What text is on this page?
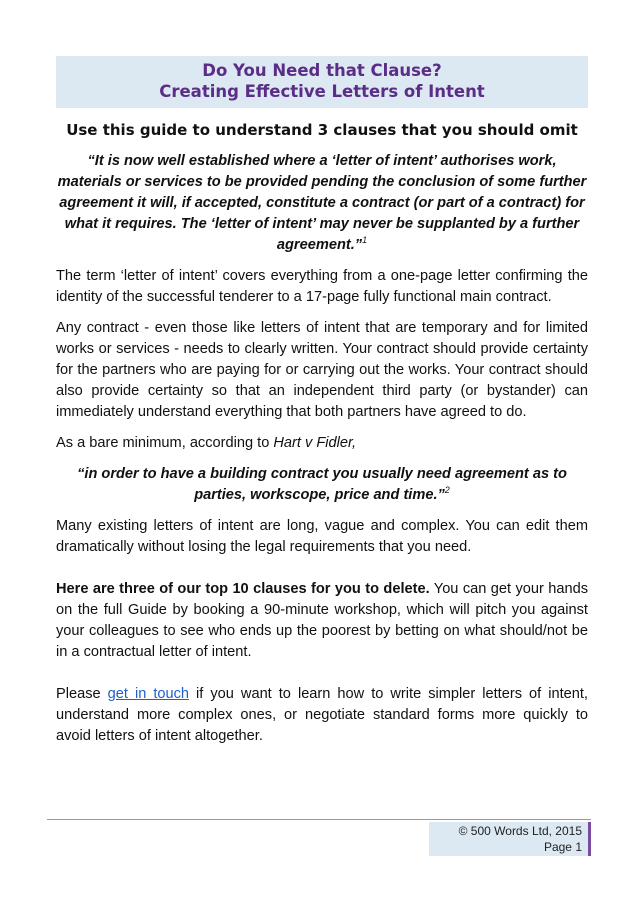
Do You Need that Clause?
Creating Effective Letters of Intent
Use this guide to understand 3 clauses that you should omit
“It is now well established where a ‘letter of intent’ authorises work, materials or services to be provided pending the conclusion of some further agreement it will, if accepted, constitute a contract (or part of a contract) for what it requires. The ‘letter of intent’ may never be supplanted by a further agreement.”$^1$

The term ‘letter of intent’ covers everything from a one-page letter confirming the identity of the successful tenderer to a 17-page fully functional main contract.

Any contract - even those like letters of intent that are temporary and for limited works or services - needs to clearly written. Your contract should provide certainty for the partners who are paying for or carrying out the works. Your contract should also provide certainty so that an independent third party (or bystander) can immediately understand everything that both partners have agreed to do.

As a bare minimum, according to Hart v Fidler,

“in order to have a building contract you usually need agreement as to parties, workscope, price and time.”$^2$

Many existing letters of intent are long, vague and complex. You can edit them dramatically without losing the legal requirements that you need.

Here are three of our top 10 clauses for you to delete. You can get your hands on the full Guide by booking a 90-minute workshop, which will pitch you against your colleagues to see who ends up the poorest by betting on what should/not be in a contractual letter of intent.

Please get in touch if you want to learn how to write simpler letters of intent, understand more complex ones, or negotiate standard forms more quickly to avoid letters of intent altogether.

© 500 Words Ltd, 2015
Page 1
